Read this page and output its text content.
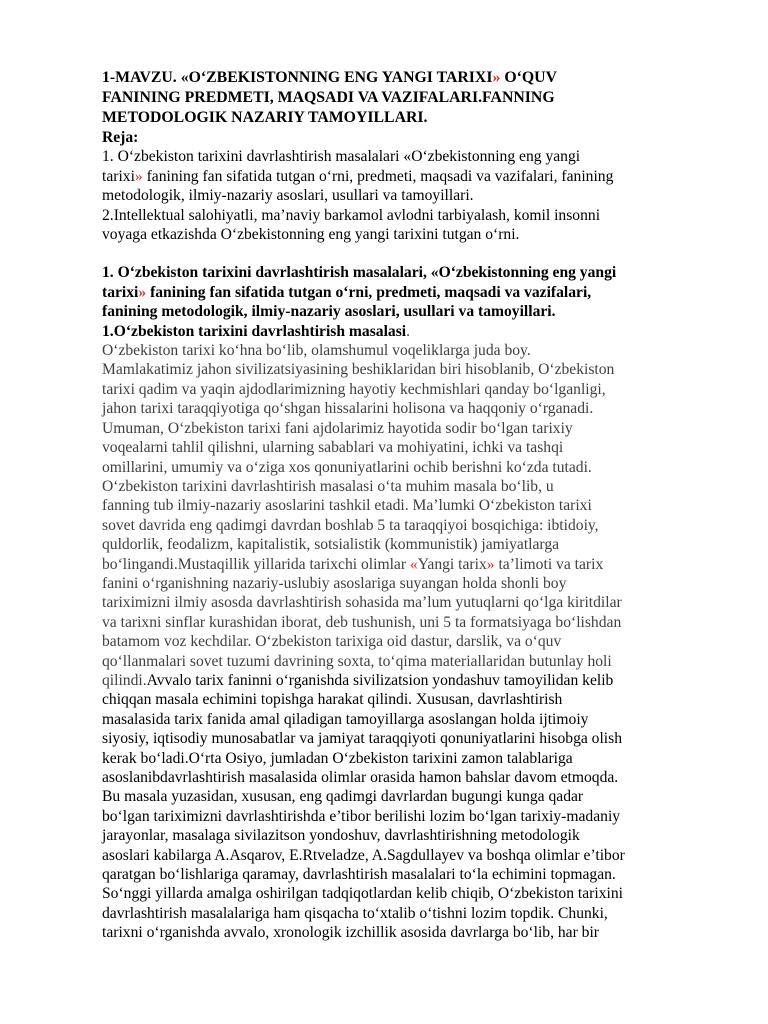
1-MAVZU. «O‘ZBEKISTONNING ENG YANGI TARIXI» O‘QUV
FANINING PREDMETI, MAQSADI VA VAZIFALARI.FANNING
METODOLOGIK NAZARIY TAMOYILLARI.
Reja:
1. O‘zbekiston tarixini davrlashtirish masalalari «O‘zbekistonning eng yangi
tarixi» fanining fan sifatida tutgan o‘rni, predmeti, maqsadi va vazifalari, fanining
metodologik, ilmiy-nazariy asoslari, usullari va tamoyillari.
2.Intellektual salohiyatli, ma’naviy barkamol avlodni tarbiyalash, komil insonni
voyaga etkazishda O‘zbekistonning eng yangi tarixini tutgan o‘rni.
1. O‘zbekiston tarixini davrlashtirish masalalari, «O‘zbekistonning eng yangi
tarixi» fanining fan sifatida tutgan o‘rni, predmeti, maqsadi va vazifalari,
fanining metodologik, ilmiy-nazariy asoslari, usullari va tamoyillari.
1.O‘zbekiston tarixini davrlashtirish masalasi.
O‘zbekiston tarixi ko‘hna bo‘lib, olamshumul voqeliklarga juda boy.
Mamlakatimiz jahon sivilizatsiyasining beshiklaridan biri hisoblanib, O‘zbekiston
tarixi qadim va yaqin ajdodlarimizning hayotiy kechmishlari qanday bo‘lganligi,
jahon tarixi taraqqiyotiga qo‘shgan hissalarini holisona va haqqoniy o‘rganadi.
Umuman, O‘zbekiston tarixi fani ajdolarimiz hayotida sodir bo‘lgan tarixiy
voqealarni tahlil qilishni, ularning sabablari va mohiyatini, ichki va tashqi
omillarini, umumiy va o‘ziga xos qonuniyatlarini ochib berishni ko‘zda tutadi.
O‘zbekiston tarixini davrlashtirish masalasi o‘ta muhim masala bo‘lib, u
fanning tub ilmiy-nazariy asoslarini tashkil etadi. Ma’lumki O‘zbekiston tarixi
sovet davrida eng qadimgi davrdan boshlab 5 ta taraqqiyoi bosqichiga: ibtidoiy,
quldorlik, feodalizm, kapitalistik, sotsialistik (kommunistik) jamiyatlarga
bo‘lingandi.Mustaqillik yillarida tarixchi olimlar «Yangi tarix» ta’limoti va tarix
fanini o‘rganishning nazariy-uslubiy asoslariga suyangan holda shonli boy
tariximizni ilmiy asosda davrlashtirish sohasida ma’lum yutuqlarni qo‘lga kiritdilar
va tarixni sinflar kurashidan iborat, deb tushunish, uni 5 ta formatsiyaga bo‘lishdan
batamom voz kechdilar. O‘zbekiston tarixiga oid dastur, darslik, va o‘quv
qo‘llanmalari sovet tuzumi davrining soxta, to‘qima materiallaridan butunlay holi
qilindi.Avvalo tarix faninni o‘rganishda sivilizatsion yondashuv tamoyilidan kelib
chiqqan masala echimini topishga harakat qilindi. Xususan, davrlashtirish
masalasida tarix fanida amal qiladigan tamoyillarga asoslangan holda ijtimoiy
siyosiy, iqtisodiy munosabatlar va jamiyat taraqqiyoti qonuniyatlarini hisobga olish
kerak bo‘ladi.O‘rta Osiyo, jumladan O‘zbekiston tarixini zamon talablariga
asoslanibdavrlashtirish masalasida olimlar orasida hamon bahslar davom etmoqda.
Bu masala yuzasidan, xususan, eng qadimgi davrlardan bugungi kunga qadar
bo‘lgan tariximizni davrlashtirishda e’tibor berilishi lozim bo‘lgan tarixiy-madaniy
jarayonlar, masalaga sivilazitson yondoshuv, davrlashtirishning metodologik
asoslari kabilarga A.Asqarov, E.Rtveladze, A.Sagdullayev va boshqa olimlar e’tibor
qaratgan bo‘lishlariga qaramay, davrlashtirish masalalari to‘la echimini topmagan.
So‘nggi yillarda amalga oshirilgan tadqiqotlardan kelib chiqib, O‘zbekiston tarixini
davrlashtirish masalalariga ham qisqacha to‘xtalib o‘tishni lozim topdik. Chunki,
tarixni o‘rganishda avvalo, xronologik izchillik asosida davrlarga bo‘lib, har bir
